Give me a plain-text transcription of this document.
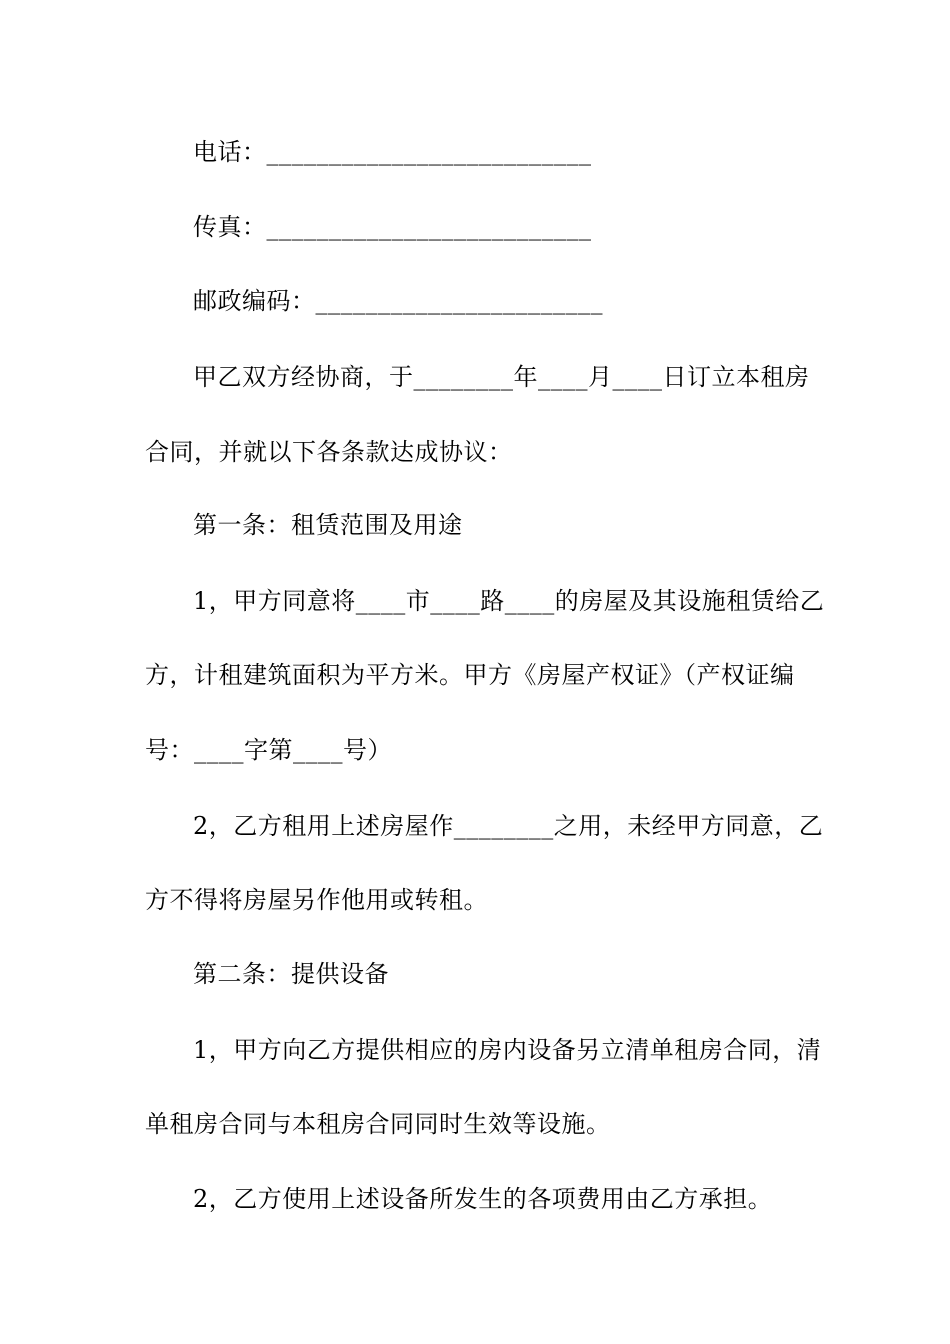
电话：__________________________
传真：__________________________
邮政编码：_______________________
甲乙双方经协商，于________年____月____日订立本租房
合同，并就以下各条款达成协议：
第一条：租赁范围及用途
1，甲方同意将____市____路____的房屋及其设施租赁给乙
方，计租建筑面积为平方米。甲方《房屋产权证》（产权证编
号：____字第____号）
2，乙方租用上述房屋作________之用，未经甲方同意，乙
方不得将房屋另作他用或转租。
第二条：提供设备
1，甲方向乙方提供相应的房内设备另立清单租房合同，清
单租房合同与本租房合同同时生效等设施。
2，乙方使用上述设备所发生的各项费用由乙方承担。
